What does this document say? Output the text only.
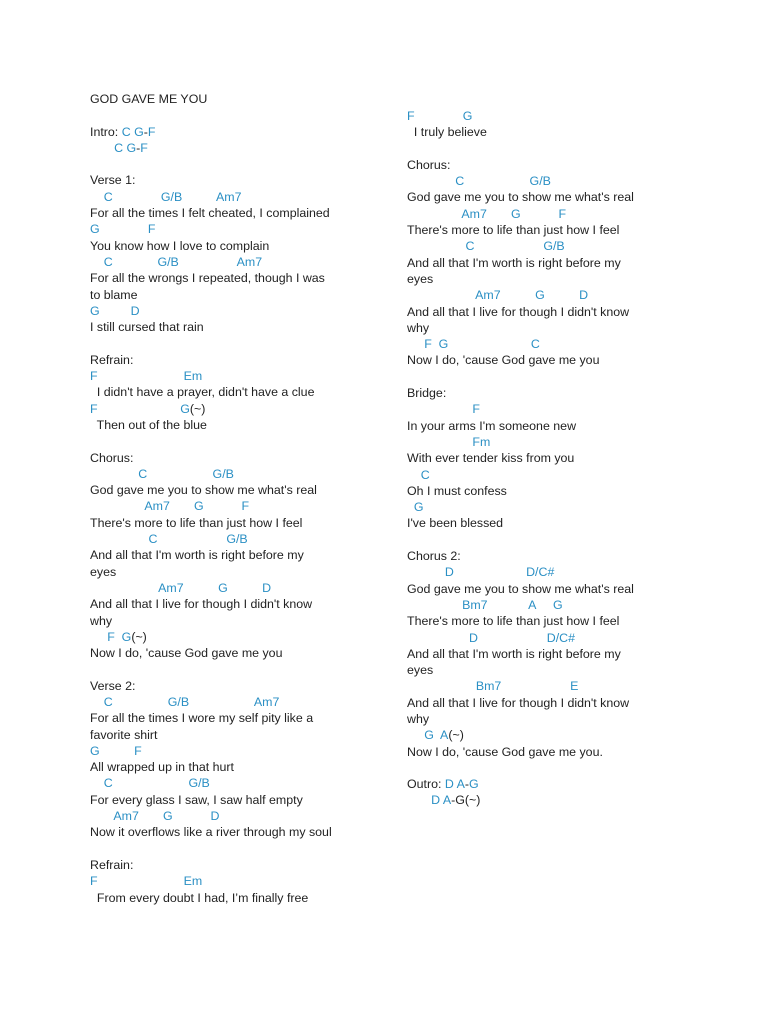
GOD GAVE ME YOU
Intro: C G-F
C G-F
Verse 1:
C              G/B          Am7
For all the times I felt cheated, I complained
G              F
You know how I love to complain
C             G/B                 Am7
For all the wrongs I repeated, though I was
to blame
G         D
I still cursed that rain
Refrain:
F                         Em
I didn't have a prayer, didn't have a clue
F                        G(~)
Then out of the blue
Chorus:
C                   G/B
God gave me you to show me what's real
Am7       G           F
There's more to life than just how I feel
C                    G/B
And all that I'm worth is right before my
eyes
Am7          G          D
And all that I live for though I didn't know
why
F  G(~)
Now I do, 'cause God gave me you
Verse 2:
C                G/B                   Am7
For all the times I wore my self pity like a
favorite shirt
G          F
All wrapped up in that hurt
C                      G/B
For every glass I saw, I saw half empty
Am7       G           D
Now it overflows like a river through my soul
Refrain:
F                         Em
From every doubt I had, I’m finally free
F              G
I truly believe
Chorus:
C                   G/B
God gave me you to show me what's real
Am7       G           F
There's more to life than just how I feel
C                    G/B
And all that I'm worth is right before my
eyes
Am7          G          D
And all that I live for though I didn't know
why
F  G                        C
Now I do, 'cause God gave me you
Bridge:
F
In your arms I'm someone new
Fm
With ever tender kiss from you
C
Oh I must confess
G
I've been blessed
Chorus 2:
D                     D/C#
God gave me you to show me what's real
Bm7            A     G
There's more to life than just how I feel
D                    D/C#
And all that I'm worth is right before my
eyes
Bm7                    E
And all that I live for though I didn't know
why
G  A(~)
Now I do, 'cause God gave me you.
Outro: D A-G
D A-G(~)
